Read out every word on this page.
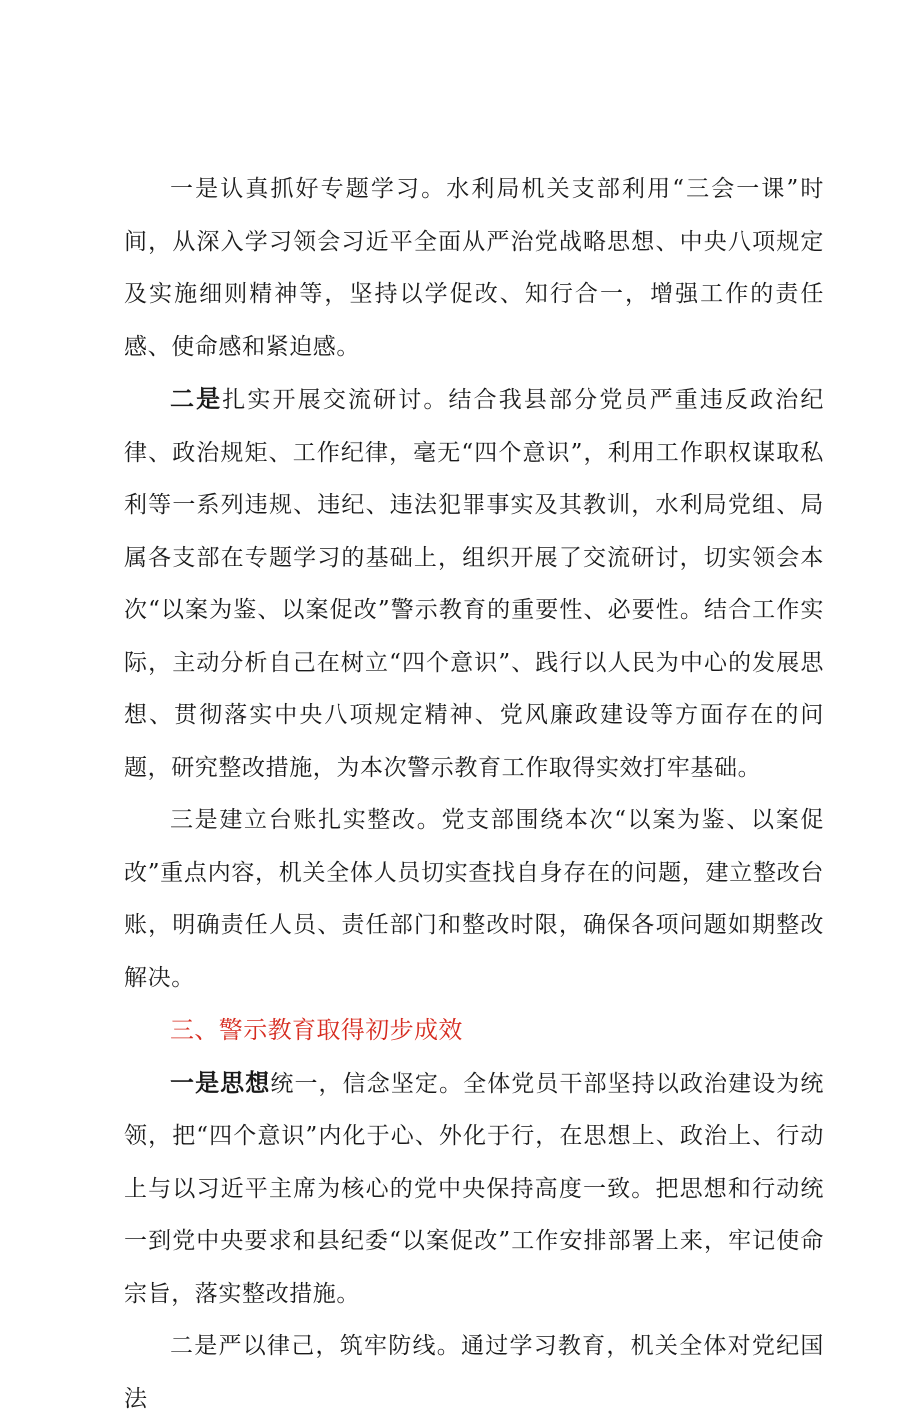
一是认真抓好专题学习。水利局机关支部利用“三会一课”时间，从深入学习领会习近平全面从严治党战略思想、中央八项规定及实施细则精神等，坚持以学促改、知行合一，增强工作的责任感、使命感和紧迫感。

二是扎实开展交流研讨。结合我县部分党员严重违反政治纪律、政治规矩、工作纪律，毫无“四个意识”，利用工作职权谋取私利等一系列违规、违纪、违法犯罪事实及其教训，水利局党组、局属各支部在专题学习的基础上，组织开展了交流研讨，切实领会本次“以案为鉴、以案促改”警示教育的重要性、必要性。结合工作实际，主动分析自己在树立“四个意识”、践行以人民为中心的发展思想、贯彻落实中央八项规定精神、党风廉政建设等方面存在的问题，研究整改措施，为本次警示教育工作取得实效打牢基础。

三是建立台账扎实整改。党支部围绕本次“以案为鉴、以案促改”重点内容，机关全体人员切实查找自身存在的问题，建立整改台账，明确责任人员、责任部门和整改时限，确保各项问题如期整改解决。

三、警示教育取得初步成效

一是思想统一，信念坚定。全体党员干部坚持以政治建设为统领，把“四个意识”内化于心、外化于行，在思想上、政治上、行动上与以习近平主席为核心的党中央保持高度一致。把思想和行动统一到党中央要求和县纪委“以案促改”工作安排部署上来，牢记使命宗旨，落实整改措施。

二是严以律己，筑牢防线。通过学习教育，机关全体对党纪国法
